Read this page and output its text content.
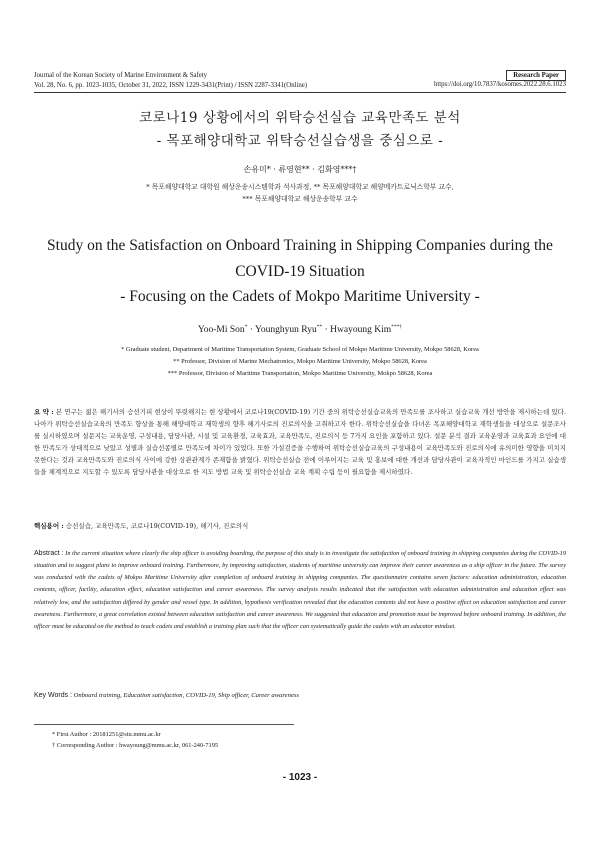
Journal of the Korean Society of Marine Environment & Safety
Vol. 28, No. 6, pp. 1023-1035, October 31, 2022, ISSN 1229-3431(Print) / ISSN 2287-3341(Online)
Research Paper
https://doi.org/10.7837/kosomes.2022.28.6.1023
코로나19 상황에서의 위탁승선실습 교육만족도 분석
- 목포해양대학교 위탁승선실습생을 중심으로 -
손유미* · 류영현** · 김화영***†
* 목포해양대학교 대학원 해상운송시스템학과 석사과정, ** 목포해양대학교 해양메카트로닉스학부 교수,
*** 목포해양대학교 해상운송학부 교수
Study on the Satisfaction on Onboard Training in Shipping Companies during the COVID-19 Situation
- Focusing on the Cadets of Mokpo Maritime University -
Yoo-Mi Son* · Younghyun Ryu** · Hwayoung Kim***†
* Graduate student, Department of Maritime Transportation System, Graduate School of Mokpo Maritime University, Mokpo 58628, Korea
** Professor, Division of Marine Mechatronics, Mokpo Maritime University, Mokpo 58628, Korea
*** Professor, Division of Maritime Transportation, Mokpo Maritime University, Mokpo 58628, Korea
요 약 : 본 연구는 젊은 해기사의 승선기피 현상이 뚜렷해지는 현 상황에서 코로나19(COVID-19) 기간 중의 위탁승선실습교육의 만족도를 조사하고 실습교육 개선 방안을 제시하는데 있다. 나아가 위탁승선실습교육의 만족도 향상을 통해 해양대학교 재학생의 향후 해기사로의 진로의식을 고취하고자 한다. 위탁승선실습을 다녀온 목포해양대학교 재학생들을 대상으로 설문조사를 실시하였으며 설문지는 교육운영, 구성내용, 담당사관, 시설 및 교육환경, 교육효과, 교육만족도, 진로의식 등 7가지 요인을 포함하고 있다. 설문 분석 결과 교육운영과 교육효과 요인에 대한 만족도가 상대적으로 낮았고 성별과 실습선종별로 만족도에 차이가 있었다. 또한 가설검증을 수행하여 위탁승선실습교육의 구성내용이 교육만족도와 진로의식에 유의미한 영향을 미치지 못한다는 것과 교육만족도와 진로의식 사이에 강한 상관관계가 존재함을 밝혔다. 위탁승선실습 전에 이루어지는 교육 및 홍보에 대한 개선과 담당사관이 교육자적인 마인드를 가지고 실습생들을 체계적으로 지도할 수 있도록 담당사관을 대상으로 한 지도 방법 교육 및 위탁승선실습 교육 계획 수립 등이 필요함을 제시하였다.
핵심용어 : 승선실습, 교육만족도, 코로나19(COVID-19), 해기사, 진로의식
Abstract : In the current situation where clearly the ship officer is avoiding boarding, the purpose of this study is to investigate the satisfaction of onboard training in shipping companies during the COVID-19 situation and to suggest plans to improve onboard training. Furthermore, by improving satisfaction, students of maritime university can improve their career awareness as a ship officer in the future. The survey was conducted with the cadets of Mokpo Maritime University after completion of onboard training in shipping companies. The questionnaire contains seven factors: education administration, education contents, officer, facility, education effect, education satisfaction and career awareness. The survey analysis results indicated that the satisfaction with education administration and education effect was relatively low, and the satisfaction differed by gender and vessel type. In addition, hypothesis verification revealed that the education contents did not have a positive effect on education satisfaction and career awareness. Furthermore, a great correlation existed between education satisfaction and career awareness. We suggested that education and promotion must be improved before onboard training. In addition, the officer must be educated on the method to teach cadets and establish a training plan such that the officer can systematically guide the cadets with an educator mindset.
Key Words : Onboard training, Education satisfaction, COVID-19, Ship officer, Career awareness
* First Author : 20181251@stu.mmu.ac.kr
† Corresponding Author : hwayoung@mmu.ac.kr, 061-240-7195
- 1023 -
